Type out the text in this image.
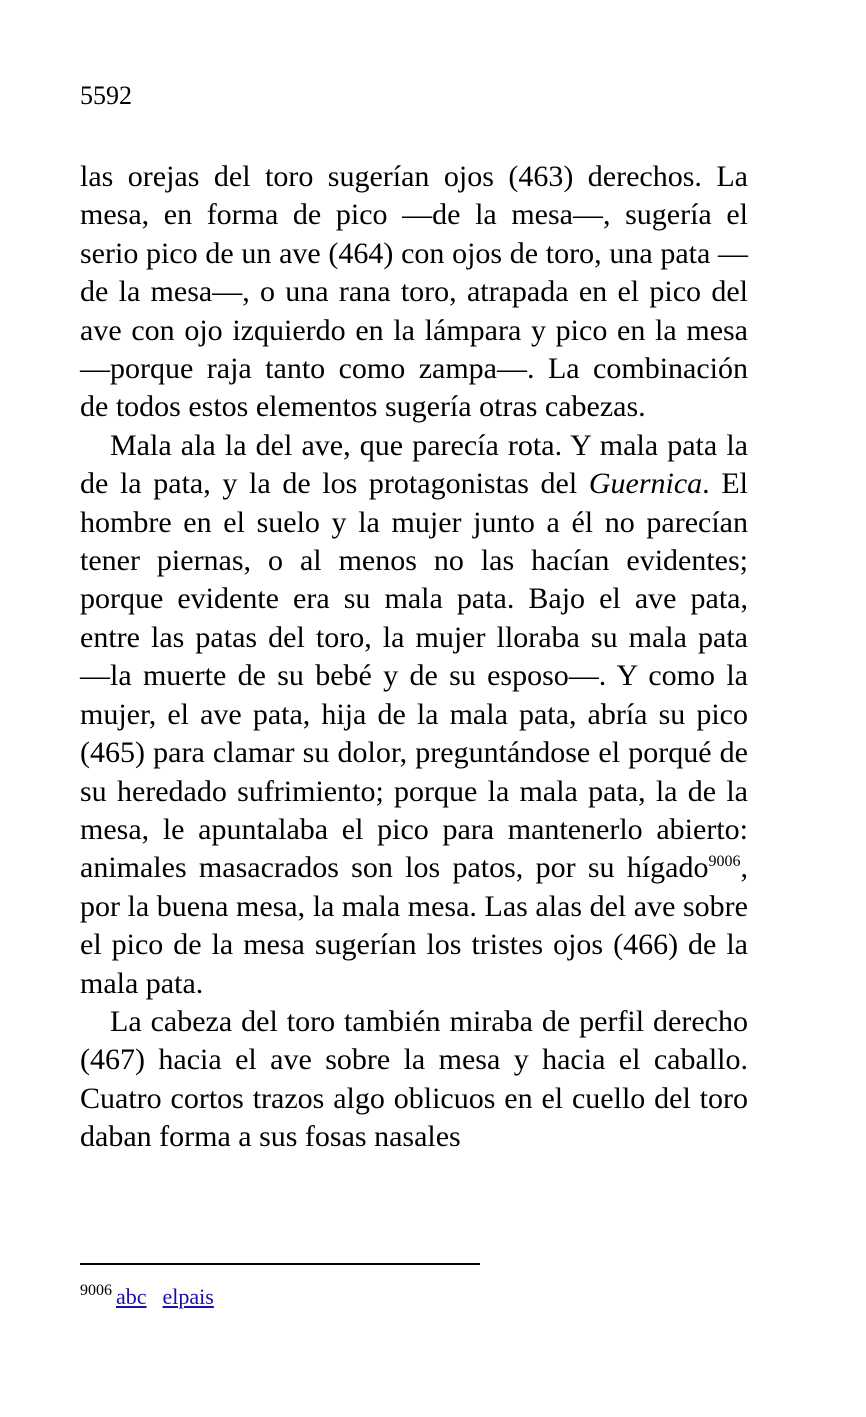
5592

las orejas del toro sugerían ojos (463) derechos. La mesa, en forma de pico —de la mesa—, sugería el serio pico de un ave (464) con ojos de toro, una pata —de la mesa—, o una rana toro, atrapada en el pico del ave con ojo izquierdo en la lámpara y pico en la mesa —porque raja tanto como zampa—. La combinación de todos estos elementos sugería otras cabezas.

Mala ala la del ave, que parecía rota. Y mala pata la de la pata, y la de los protagonistas del Guernica. El hombre en el suelo y la mujer junto a él no parecían tener piernas, o al menos no las hacían evidentes; porque evidente era su mala pata. Bajo el ave pata, entre las patas del toro, la mujer lloraba su mala pata —la muerte de su bebé y de su esposo—. Y como la mujer, el ave pata, hija de la mala pata, abría su pico (465) para clamar su dolor, preguntándose el porqué de su heredado sufrimiento; porque la mala pata, la de la mesa, le apuntalaba el pico para mantenerlo abierto: animales masacrados son los patos, por su hígado$^{9006}$, por la buena mesa, la mala mesa. Las alas del ave sobre el pico de la mesa sugerían los tristes ojos (466) de la mala pata.

La cabeza del toro también miraba de perfil derecho (467) hacia el ave sobre la mesa y hacia el caballo. Cuatro cortos trazos algo oblicuos en el cuello del toro daban forma a sus fosas nasales

$^{9006}$ abc elpais
